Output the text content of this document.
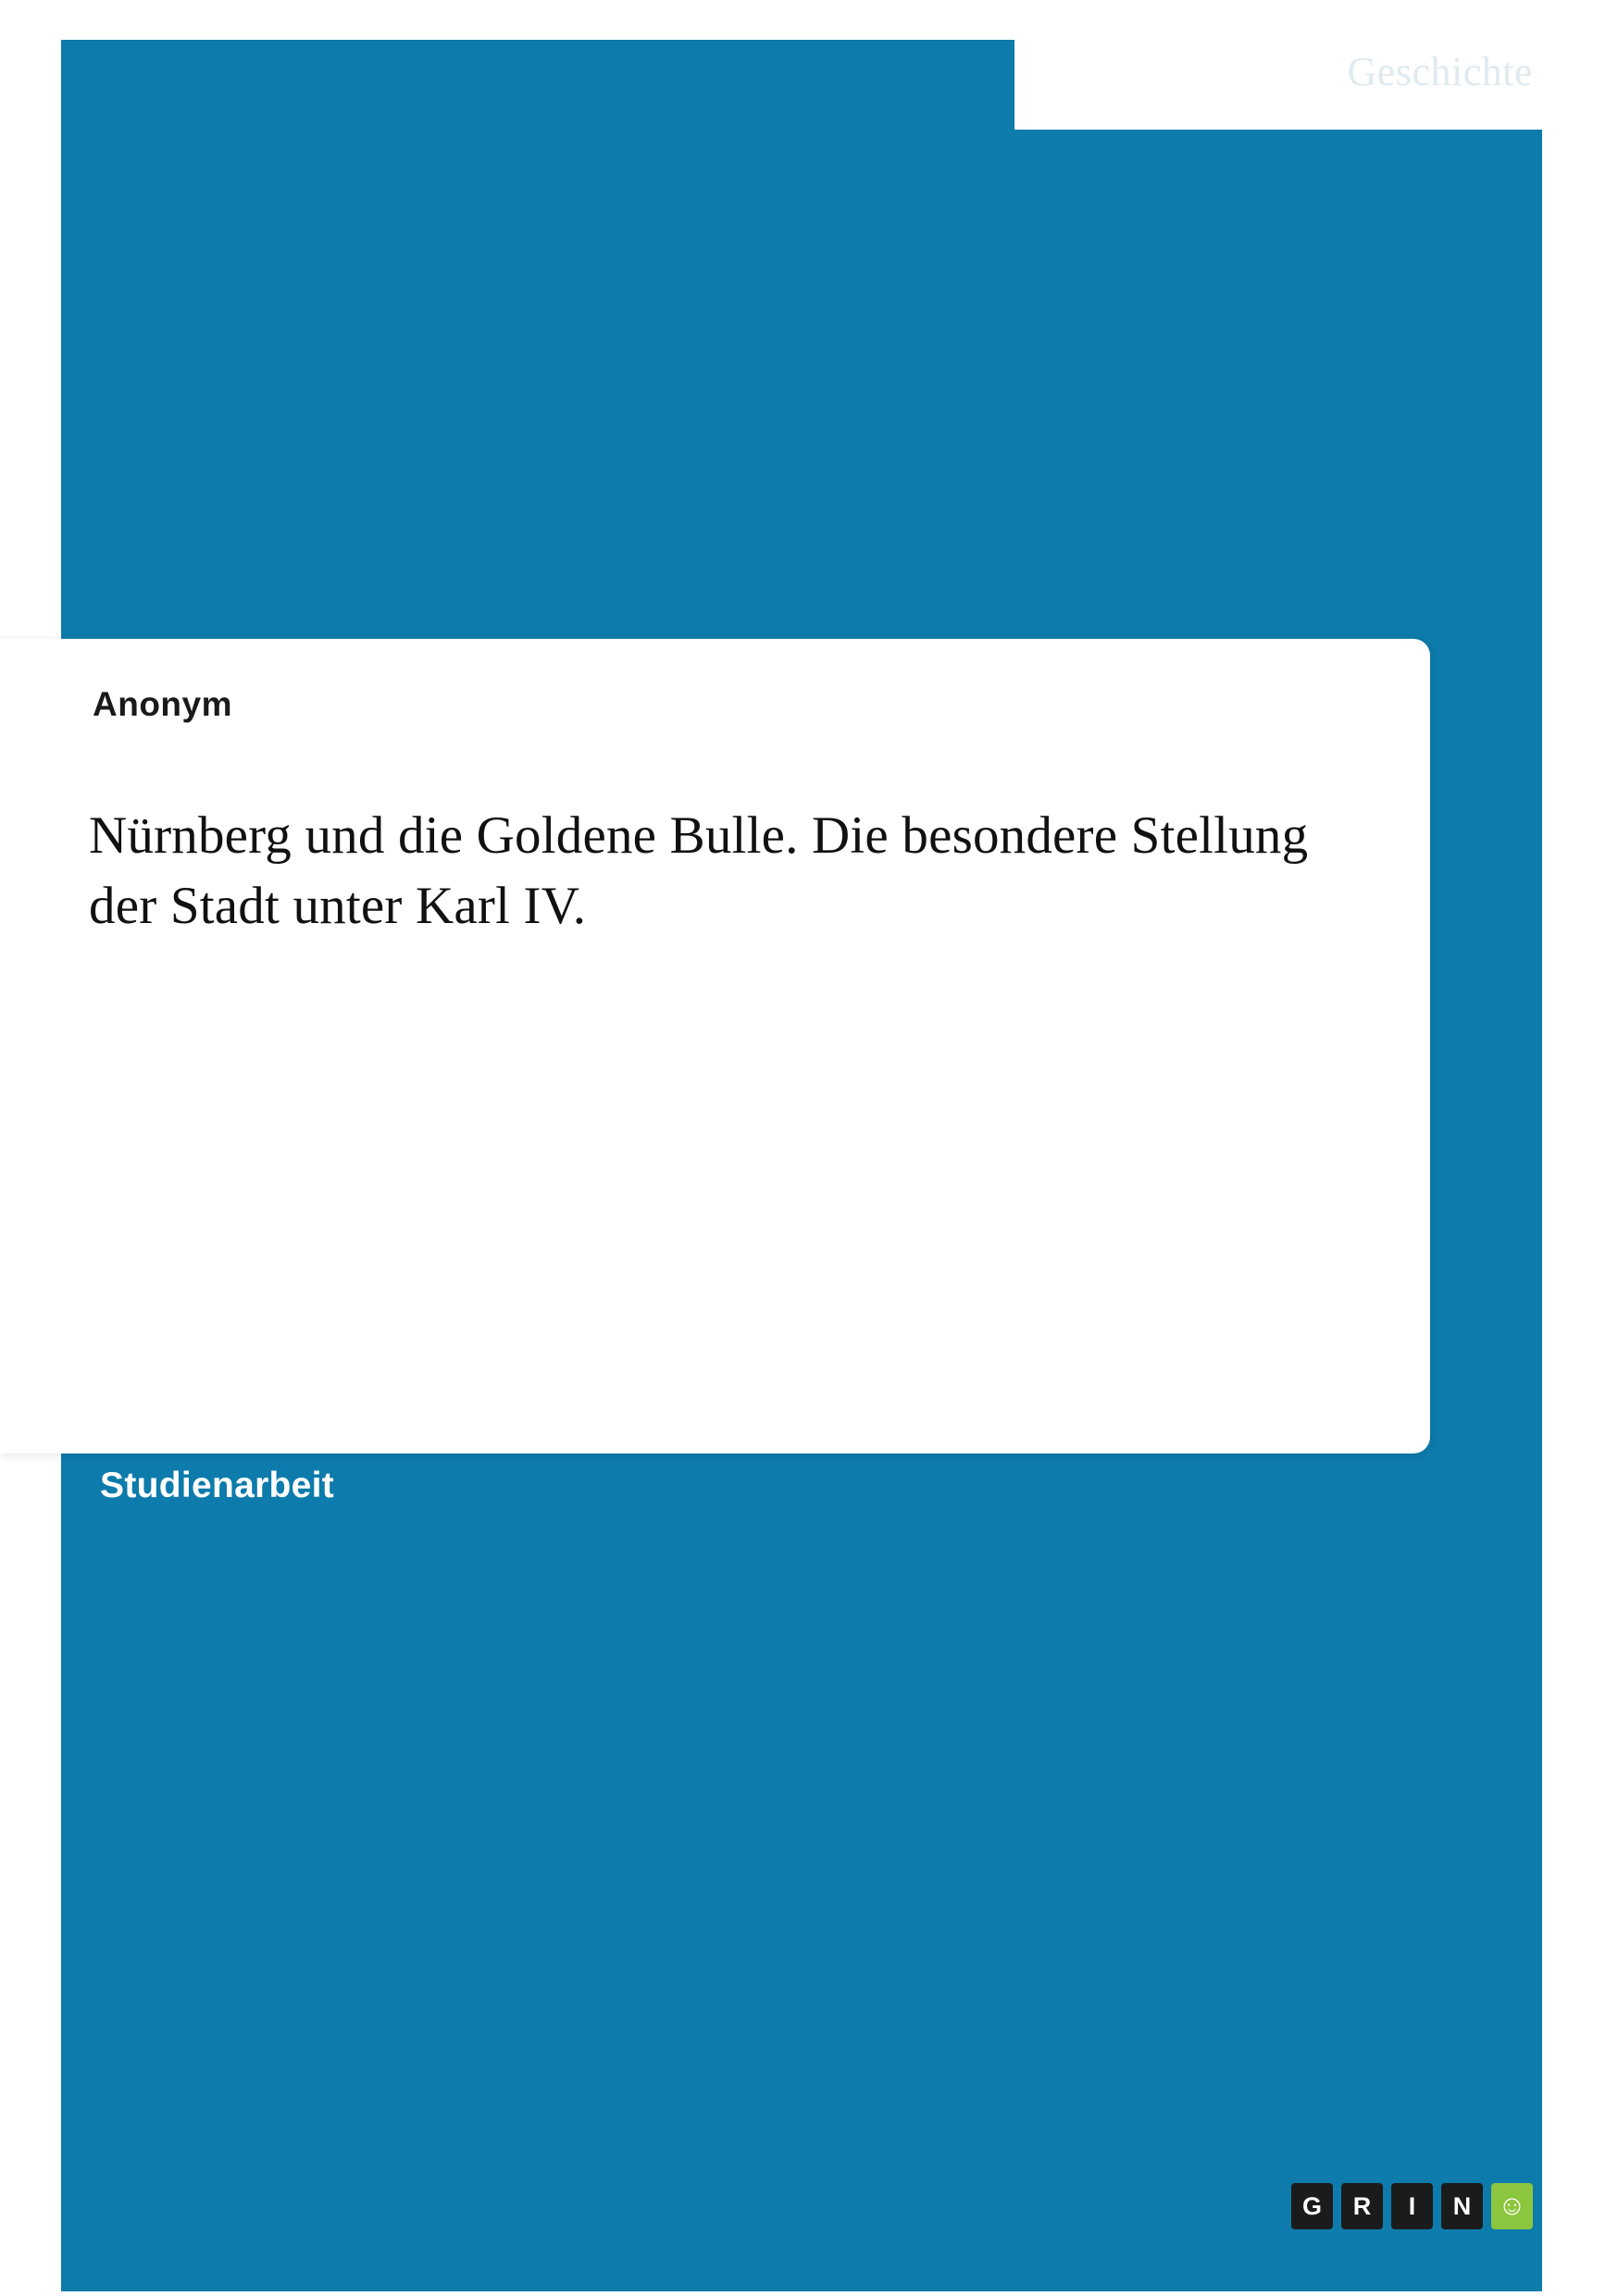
Geschichte
Anonym
Nürnberg und die Goldene Bulle. Die besondere Stellung der Stadt unter Karl IV.
Studienarbeit
G	R	I	N ☺
